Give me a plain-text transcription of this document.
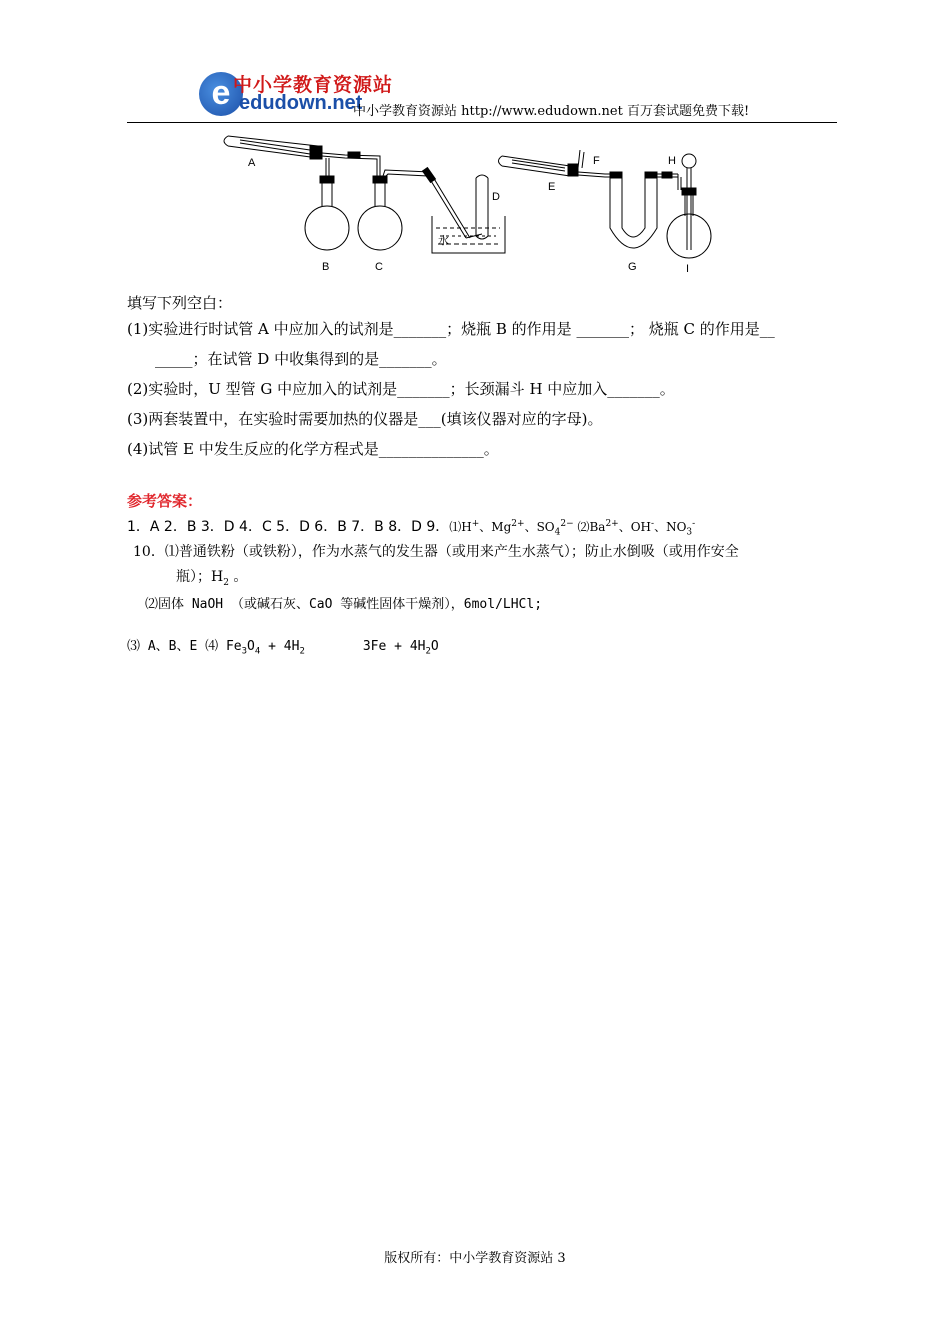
e 中小学教育资源站
edudown.net
中小学教育资源站 http://www.edudown.net 百万套试题免费下载!
A
B	C
D
水
E
F
G
H
I
填写下列空白：
(1)实验进行时试管 A 中应加入的试剂是_______；烧瓶 B 的作用是 _______； 烧瓶 C 的作用是__
_____；在试管 D 中收集得到的是_______。
(2)实验时，U 型管 G 中应加入的试剂是_______；长颈漏斗 H 中应加入_______。
(3)两套装置中，在实验时需要加热的仪器是___(填该仪器对应的字母)。
(4)试管 E 中发生反应的化学方程式是______________。
参考答案：
1．A 2．B 3．D 4．C 5．D 6．B 7．B 8．D 9．⑴H+、$Mg^{2+}$、$SO_4^{2-}$ $⑵Ba^{2+}$、OH-、$NO_3^-$
10．⑴普通铁粉（或铁粉），作为水蒸气的发生器（或用来产生水蒸气）；防止水倒吸（或用作安全
瓶）；$H_2$ 。
⑵固体 NaOH （或碱石灰、CaO 等碱性固体干燥剂），6mol/LHCl;
⑶ A、B、E ⑷ $Fe_3O_4 + 4H_2$	$3Fe + 4H_2O$
版权所有：中小学教育资源站 3
